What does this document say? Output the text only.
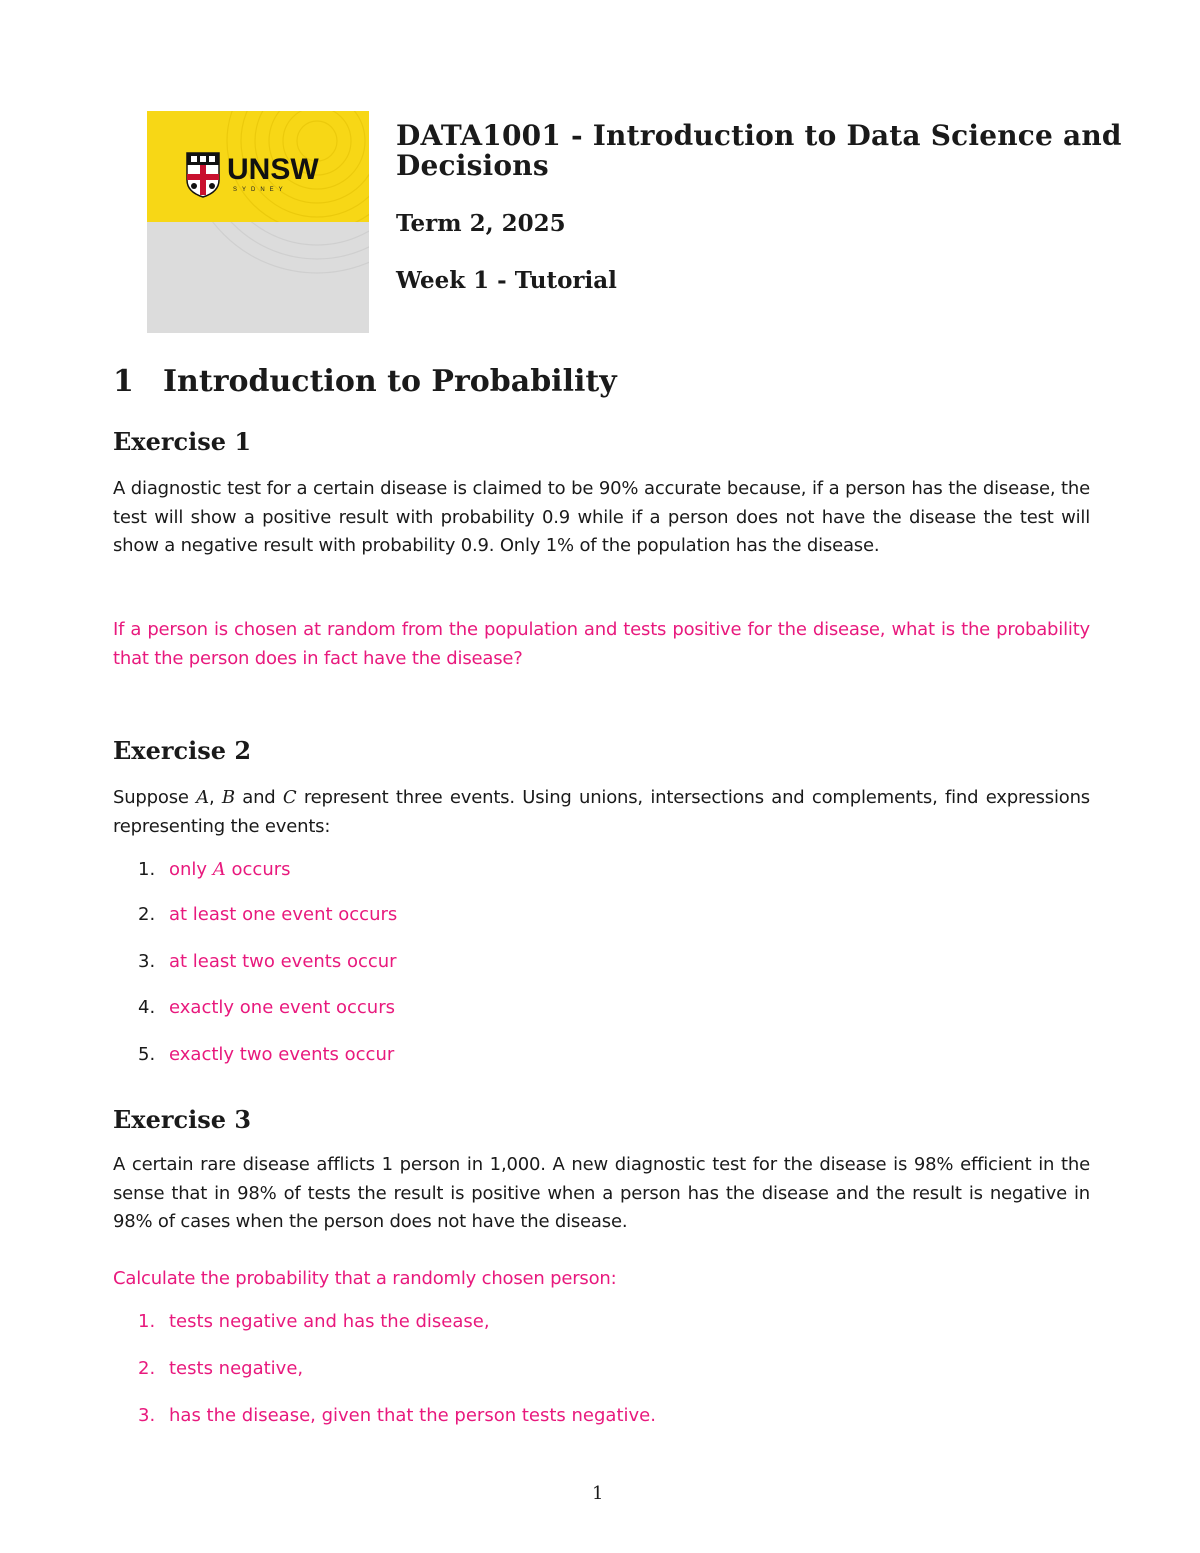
UNSW
SYDNEY
DATA1001 - Introduction to Data Science and Decisions
Term 2, 2025
Week 1 - Tutorial
1 Introduction to Probability
Exercise 1

A diagnostic test for a certain disease is claimed to be 90% accurate because, if a person has the disease, the test will show a positive result with probability 0.9 while if a person does not have the disease the test will show a negative result with probability 0.9. Only 1% of the population has the disease.

If a person is chosen at random from the population and tests positive for the disease, what is the probability that the person does in fact have the disease?

Exercise 2

Suppose A, B and C represent three events. Using unions, intersections and complements, find expressions representing the events:

1. only A occurs

2. at least one event occurs

3. at least two events occur

4. exactly one event occurs

5. exactly two events occur

Exercise 3

A certain rare disease afflicts 1 person in 1,000. A new diagnostic test for the disease is 98% efficient in the sense that in 98% of tests the result is positive when a person has the disease and the result is negative in 98% of cases when the person does not have the disease.

Calculate the probability that a randomly chosen person:

1. tests negative and has the disease,

2. tests negative,

3. has the disease, given that the person tests negative.

1
